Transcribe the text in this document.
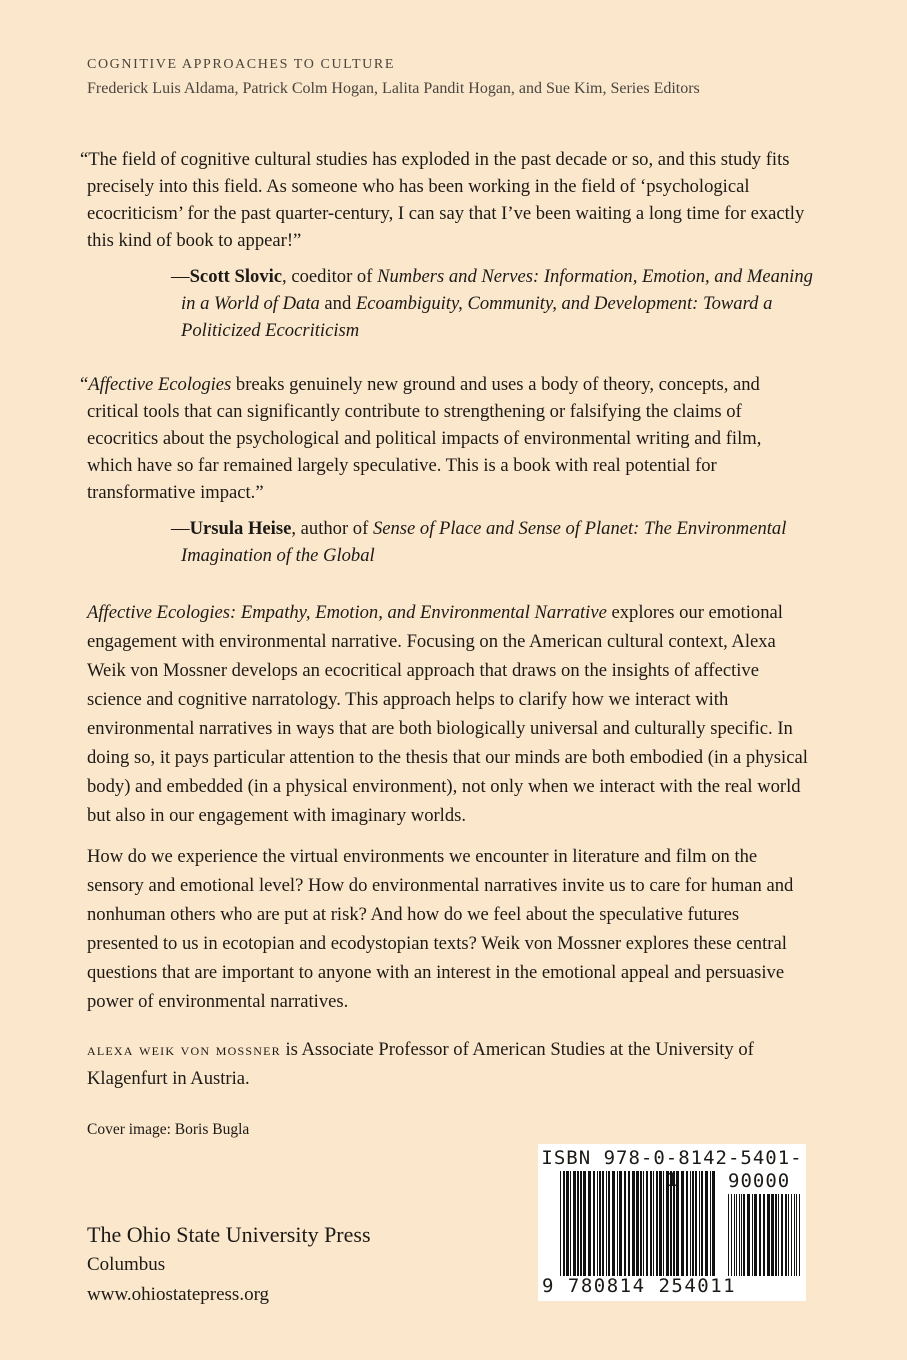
COGNITIVE APPROACHES TO CULTURE
Frederick Luis Aldama, Patrick Colm Hogan, Lalita Pandit Hogan, and Sue Kim, Series Editors

“The field of cognitive cultural studies has exploded in the past decade or so, and this study fits precisely into this field. As someone who has been working in the field of ‘psychological ecocriticism’ for the past quarter-century, I can say that I’ve been waiting a long time for exactly this kind of book to appear!”

—Scott Slovic, coeditor of Numbers and Nerves: Information, Emotion, and Meaning in a World of Data and Ecoambiguity, Community, and Development: Toward a Politicized Ecocriticism

“Affective Ecologies breaks genuinely new ground and uses a body of theory, concepts, and critical tools that can significantly contribute to strengthening or falsifying the claims of ecocritics about the psychological and political impacts of environmental writing and film, which have so far remained largely speculative. This is a book with real potential for transformative impact.”

—Ursula Heise, author of Sense of Place and Sense of Planet: The Environmental Imagination of the Global

Affective Ecologies: Empathy, Emotion, and Environmental Narrative explores our emotional engagement with environmental narrative. Focusing on the American cultural context, Alexa Weik von Mossner develops an ecocritical approach that draws on the insights of affective science and cognitive narratology. This approach helps to clarify how we interact with environmental narratives in ways that are both biologically universal and culturally specific. In doing so, it pays particular attention to the thesis that our minds are both embodied (in a physical body) and embedded (in a physical environment), not only when we interact with the real world but also in our engagement with imaginary worlds.

How do we experience the virtual environments we encounter in literature and film on the sensory and emotional level? How do environmental narratives invite us to care for human and nonhuman others who are put at risk? And how do we feel about the speculative futures presented to us in ecotopian and ecodystopian texts? Weik von Mossner explores these central questions that are important to anyone with an interest in the emotional appeal and persuasive power of environmental narratives.

alexa weik von mossner is Associate Professor of American Studies at the University of Klagenfurt in Austria.

Cover image: Boris Bugla
The Ohio State University Press
Columbus
www.ohiostatepress.org
ISBN 978-0-8142-5401-
90000
9 780814 254011
